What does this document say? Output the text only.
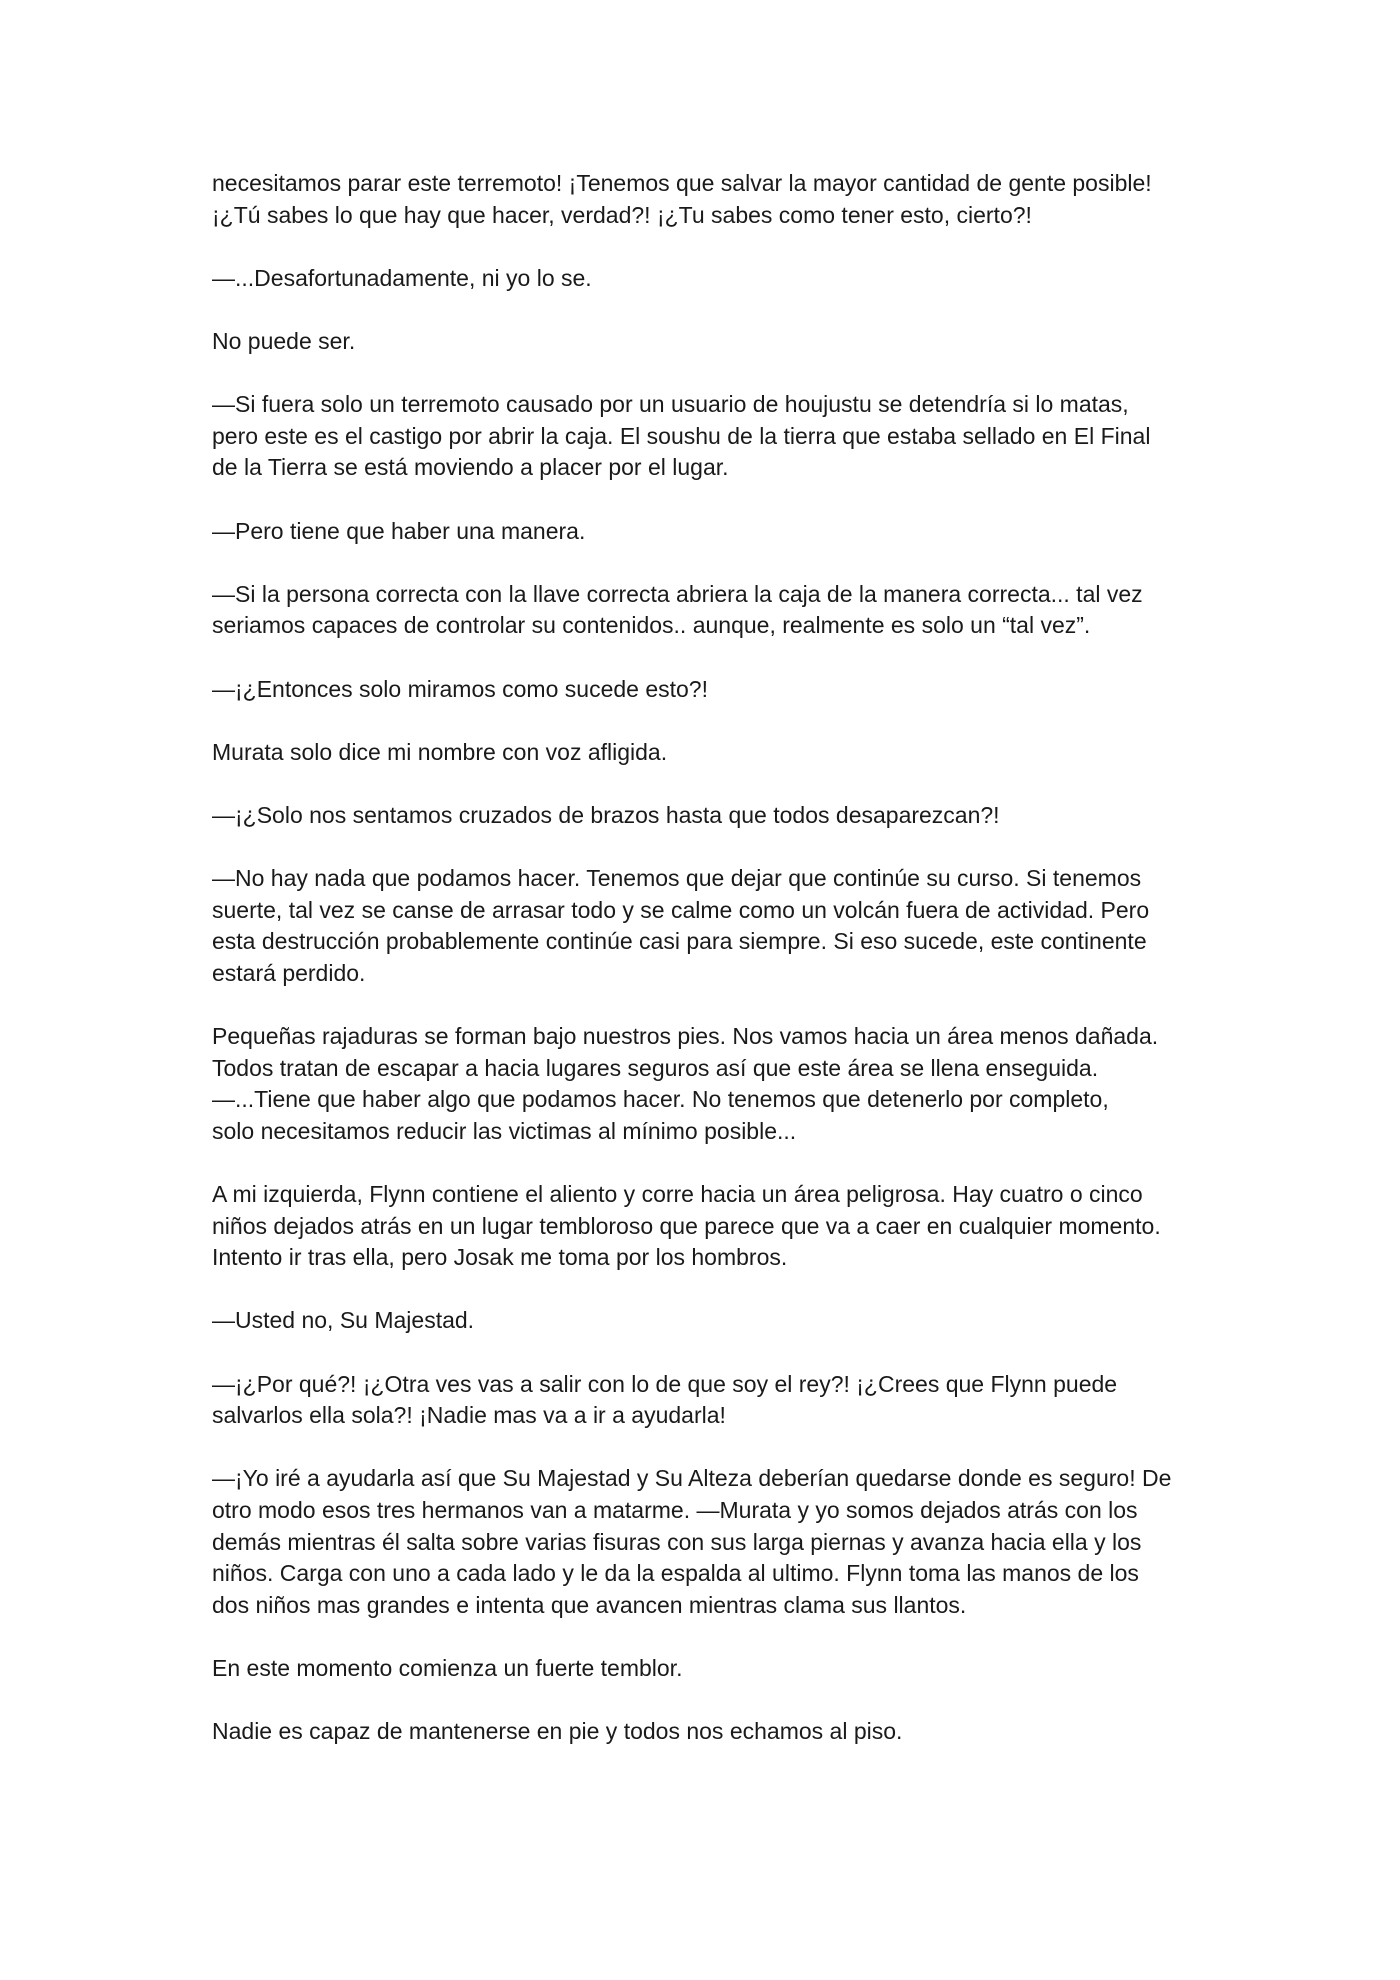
necesitamos parar este terremoto! ¡Tenemos que salvar la mayor cantidad de gente posible!
¡¿Tú sabes lo que hay que hacer, verdad?! ¡¿Tu sabes como tener esto, cierto?!

—...Desafortunadamente, ni yo lo se.

No puede ser.

—Si fuera solo un terremoto causado por un usuario de houjustu se detendría si lo matas,
pero este es el castigo por abrir la caja. El soushu de la tierra que estaba sellado en El Final
de la Tierra se está moviendo a placer por el lugar.

—Pero tiene que haber una manera.

—Si la persona correcta con la llave correcta abriera la caja de la manera correcta... tal vez
seriamos capaces de controlar su contenidos.. aunque, realmente es solo un “tal vez”.

—¡¿Entonces solo miramos como sucede esto?!

Murata solo dice mi nombre con voz afligida.

—¡¿Solo nos sentamos cruzados de brazos hasta que todos desaparezcan?!

—No hay nada que podamos hacer. Tenemos que dejar que continúe su curso. Si tenemos
suerte, tal vez se canse de arrasar todo y se calme como un volcán fuera de actividad. Pero
esta destrucción probablemente continúe casi para siempre. Si eso sucede, este continente
estará perdido.

Pequeñas rajaduras se forman bajo nuestros pies. Nos vamos hacia un área menos dañada.
Todos tratan de escapar a hacia lugares seguros así que este área se llena enseguida.

—...Tiene que haber algo que podamos hacer. No tenemos que detenerlo por completo,
solo necesitamos reducir las victimas al mínimo posible...

A mi izquierda, Flynn contiene el aliento y corre hacia un área peligrosa. Hay cuatro o cinco
niños dejados atrás en un lugar tembloroso que parece que va a caer en cualquier momento.
Intento ir tras ella, pero Josak me toma por los hombros.

—Usted no, Su Majestad.

—¡¿Por qué?! ¡¿Otra ves vas a salir con lo de que soy el rey?! ¡¿Crees que Flynn puede
salvarlos ella sola?! ¡Nadie mas va a ir a ayudarla!

—¡Yo iré a ayudarla así que Su Majestad y Su Alteza deberían quedarse donde es seguro! De
otro modo esos tres hermanos van a matarme. —Murata y yo somos dejados atrás con los
demás mientras él salta sobre varias fisuras con sus larga piernas y avanza hacia ella y los
niños. Carga con uno a cada lado y le da la espalda al ultimo. Flynn toma las manos de los
dos niños mas grandes e intenta que avancen mientras clama sus llantos.

En este momento comienza un fuerte temblor.

Nadie es capaz de mantenerse en pie y todos nos echamos al piso.
